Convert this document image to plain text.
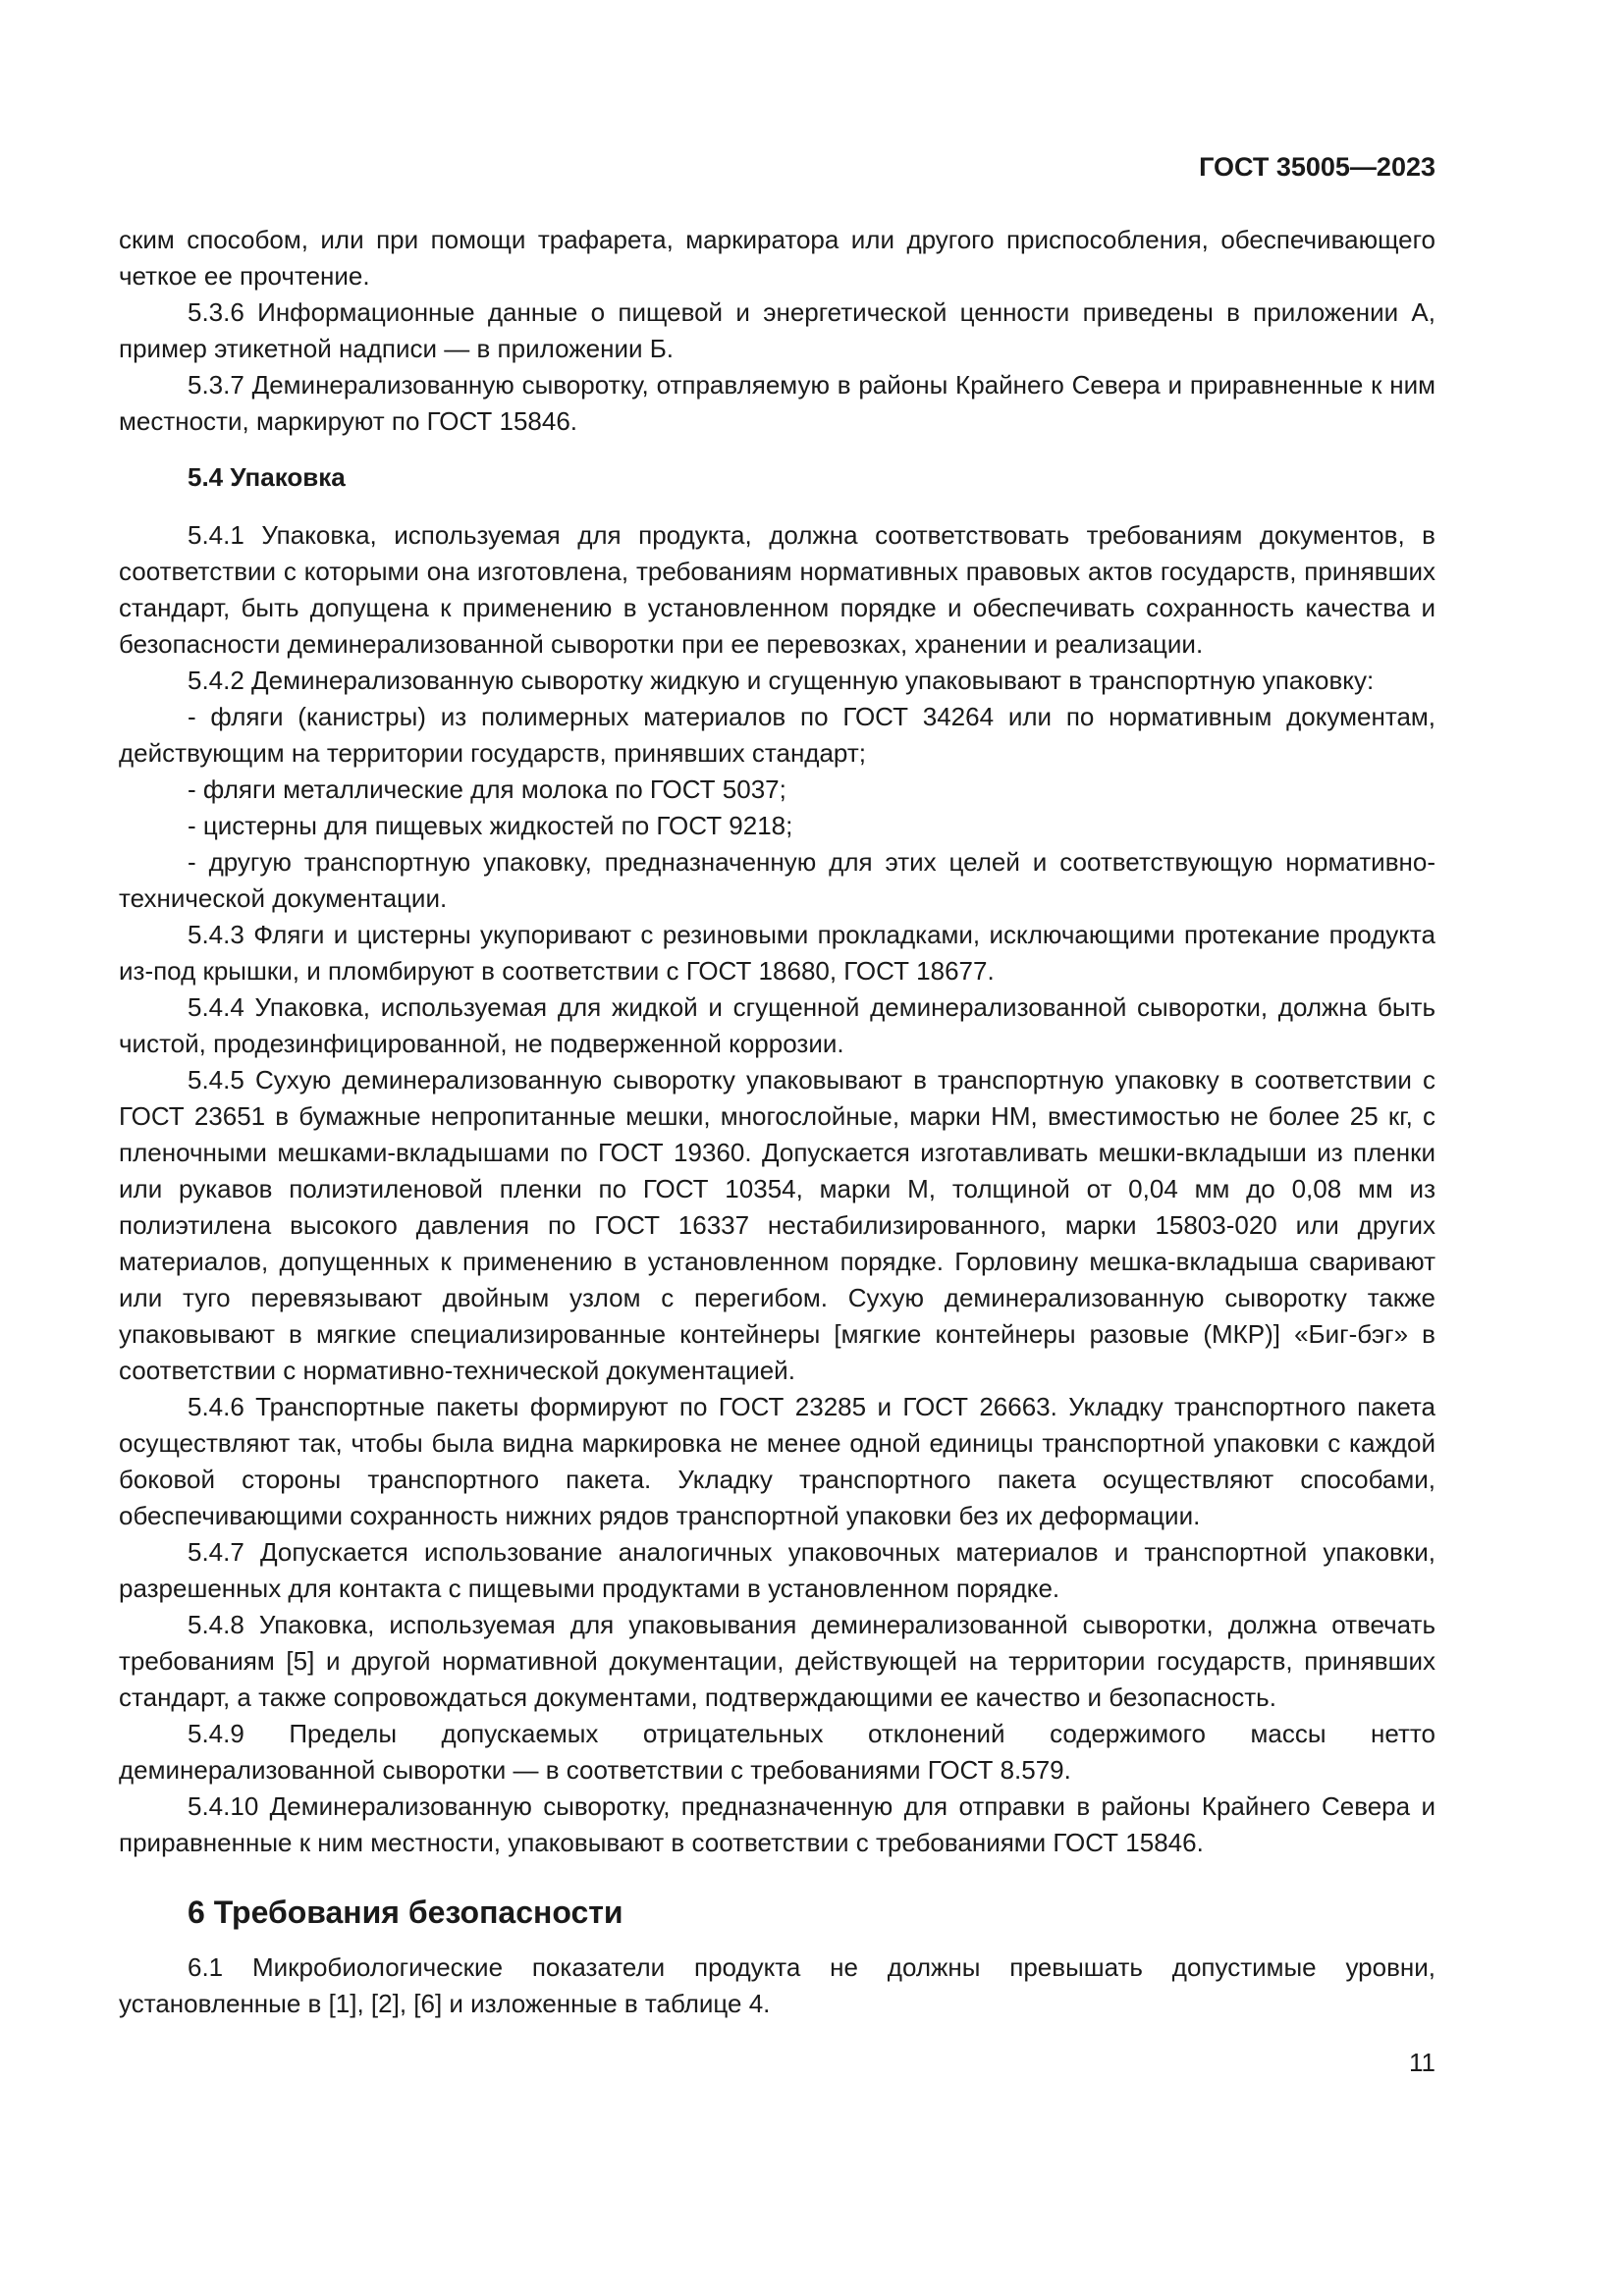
ГОСТ 35005—2023

ским способом, или при помощи трафарета, маркиратора или другого приспособления, обеспечивающего четкое ее прочтение.

5.3.6 Информационные данные о пищевой и энергетической ценности приведены в приложении А, пример этикетной надписи — в приложении Б.

5.3.7 Деминерализованную сыворотку, отправляемую в районы Крайнего Севера и приравненные к ним местности, маркируют по ГОСТ 15846.

5.4 Упаковка

5.4.1 Упаковка, используемая для продукта, должна соответствовать требованиям документов, в соответствии с которыми она изготовлена, требованиям нормативных правовых актов государств, принявших стандарт, быть допущена к применению в установленном порядке и обеспечивать сохранность качества и безопасности деминерализованной сыворотки при ее перевозках, хранении и реализации.

5.4.2 Деминерализованную сыворотку жидкую и сгущенную упаковывают в транспортную упаковку:

- фляги (канистры) из полимерных материалов по ГОСТ 34264 или по нормативным документам, действующим на территории государств, принявших стандарт;

- фляги металлические для молока по ГОСТ 5037;

- цистерны для пищевых жидкостей по ГОСТ 9218;

- другую транспортную упаковку, предназначенную для этих целей и соответствующую нормативно-технической документации.

5.4.3 Фляги и цистерны укупоривают с резиновыми прокладками, исключающими протекание продукта из-под крышки, и пломбируют в соответствии с ГОСТ 18680, ГОСТ 18677.

5.4.4 Упаковка, используемая для жидкой и сгущенной деминерализованной сыворотки, должна быть чистой, продезинфицированной, не подверженной коррозии.

5.4.5 Сухую деминерализованную сыворотку упаковывают в транспортную упаковку в соответствии с ГОСТ 23651 в бумажные непропитанные мешки, многослойные, марки НМ, вместимостью не более 25 кг, с пленочными мешками-вкладышами по ГОСТ 19360. Допускается изготавливать мешки-вкладыши из пленки или рукавов полиэтиленовой пленки по ГОСТ 10354, марки М, толщиной от 0,04 мм до 0,08 мм из полиэтилена высокого давления по ГОСТ 16337 нестабилизированного, марки 15803-020 или других материалов, допущенных к применению в установленном порядке. Горловину мешка-вкладыша сваривают или туго перевязывают двойным узлом с перегибом. Сухую деминерализованную сыворотку также упаковывают в мягкие специализированные контейнеры [мягкие контейнеры разовые (МКР)] «Биг-бэг» в соответствии с нормативно-технической документацией.

5.4.6 Транспортные пакеты формируют по ГОСТ 23285 и ГОСТ 26663. Укладку транспортного пакета осуществляют так, чтобы была видна маркировка не менее одной единицы транспортной упаковки с каждой боковой стороны транспортного пакета. Укладку транспортного пакета осуществляют способами, обеспечивающими сохранность нижних рядов транспортной упаковки без их деформации.

5.4.7 Допускается использование аналогичных упаковочных материалов и транспортной упаковки, разрешенных для контакта с пищевыми продуктами в установленном порядке.

5.4.8 Упаковка, используемая для упаковывания деминерализованной сыворотки, должна отвечать требованиям [5] и другой нормативной документации, действующей на территории государств, принявших стандарт, а также сопровождаться документами, подтверждающими ее качество и безопасность.

5.4.9 Пределы допускаемых отрицательных отклонений содержимого массы нетто деминерализованной сыворотки — в соответствии с требованиями ГОСТ 8.579.

5.4.10 Деминерализованную сыворотку, предназначенную для отправки в районы Крайнего Севера и приравненные к ним местности, упаковывают в соответствии с требованиями ГОСТ 15846.

6 Требования безопасности

6.1 Микробиологические показатели продукта не должны превышать допустимые уровни, установленные в [1], [2], [6] и изложенные в таблице 4.

11
